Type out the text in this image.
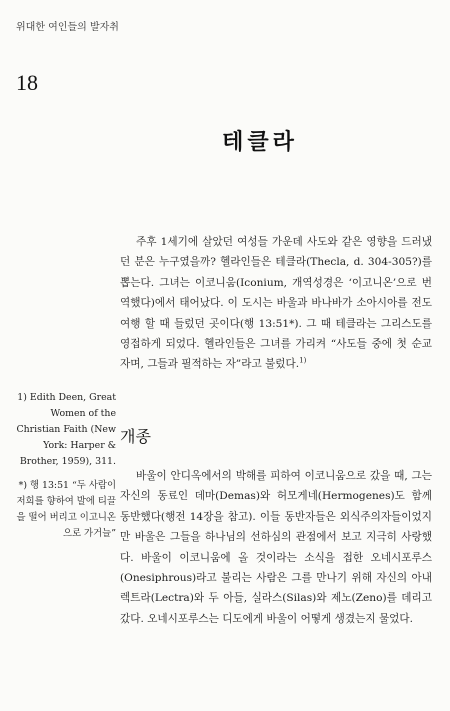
위대한 여인들의 발자취
18
테클라

주후 1세기에 살았던 여성들 가운데 사도와 같은 영향을 드러냈던 분은 누구였을까? 헬라인들은 테클라(Thecla, d. 304-305?)를 뽑는다. 그녀는 이코니움(Iconium, 개역성경은 ‘이고니온’으로 번역했다)에서 태어났다. 이 도시는 바울과 바나바가 소아시아를 전도여행 할 때 들렀던 곳이다(행 13:51*). 그 때 테클라는 그리스도를 영접하게 되었다. 헬라인들은 그녀를 가리켜 “사도들 중에 첫 순교자며, 그들과 필적하는 자”라고 불렀다.$^{1)}$

1) Edith Deen, Great Women of the Christian Faith (New York: Harper & Brother, 1959), 311.
개종
*) 행 13:51 “두 사람이 저희를 향하여 발에 티끌을 떨어 버리고 이고니온으로 가거늘”

바울이 안디옥에서의 박해를 피하여 이코니움으로 갔을 때, 그는 자신의 동료인 데마(Demas)와 허모게네(Hermogenes)도 함께 동반했다(행전 14장을 참고). 이들 동반자들은 외식주의자들이었지만 바울은 그들을 하나님의 선하심의 관점에서 보고 지극히 사랑했다. 바울이 이코니움에 올 것이라는 소식을 접한 오네시포루스(Onesiphrous)라고 불리는 사람은 그를 만나기 위해 자신의 아내 렉트라(Lectra)와 두 아들, 실라스(Silas)와 제노(Zeno)를 데리고 갔다. 오네시포루스는 디도에게 바울이 어떻게 생겼는지 물었다.
